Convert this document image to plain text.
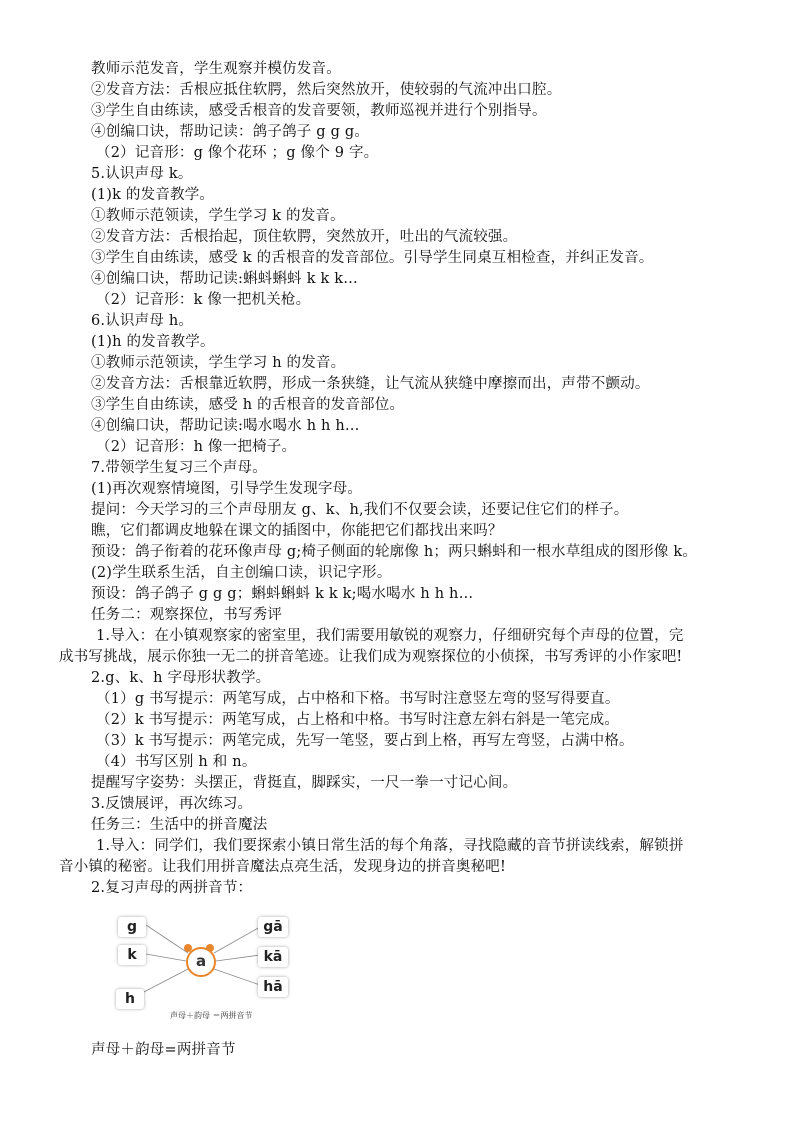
教师示范发音，学生观察并模仿发音。
②发音方法：舌根应抵住软腭，然后突然放开，使较弱的气流冲出口腔。
③学生自由练读，感受舌根音的发音要领，教师巡视并进行个别指导。
④创编口诀，帮助记读：鸽子鸽子 g g g。
（2）记音形：g 像个花环 ；g 像个 9 字。
5.认识声母 k。
(1)k 的发音教学。
①教师示范领读，学生学习 k 的发音。
②发音方法：舌根抬起，顶住软腭，突然放开，吐出的气流较强。
③学生自由练读，感受 k 的舌根音的发音部位。引导学生同桌互相检查，并纠正发音。
④创编口诀，帮助记读:蝌蚪蝌蚪 k k k…
（2）记音形：k 像一把机关枪。
6.认识声母 h。
(1)h 的发音教学。
①教师示范领读，学生学习 h 的发音。
②发音方法：舌根靠近软腭，形成一条狭缝，让气流从狭缝中摩擦而出，声带不颤动。
③学生自由练读，感受 h 的舌根音的发音部位。
④创编口诀，帮助记读:喝水喝水 h h h…
（2）记音形：h 像一把椅子。
7.带领学生复习三个声母。
(1)再次观察情境图，引导学生发现字母。
提问：今天学习的三个声母朋友 g、k、h,我们不仅要会读，还要记住它们的样子。
瞧，它们都调皮地躲在课文的插图中，你能把它们都找出来吗？
预设：鸽子衔着的花环像声母 g;椅子侧面的轮廓像 h；两只蝌蚪和一根水草组成的图形像 k。
(2)学生联系生活，自主创编口读，识记字形。
预设：鸽子鸽子 g g g；蝌蚪蝌蚪 k k k;喝水喝水 h h h…
任务二：观察探位，书写秀评
1.导入：在小镇观察家的密室里，我们需要用敏锐的观察力，仔细研究每个声母的位置，完
成书写挑战，展示你独一无二的拼音笔迹。让我们成为观察探位的小侦探，书写秀评的小作家吧!
2.g、k、h 字母形状教学。
（1）g 书写提示：两笔写成，占中格和下格。书写时注意竖左弯的竖写得要直。
（2）k 书写提示：两笔写成，占上格和中格。书写时注意左斜右斜是一笔完成。
（3）k 书写提示：两笔完成，先写一笔竖，要占到上格，再写左弯竖，占满中格。
（4）书写区别 h 和 n。
提醒写字姿势：头摆正，背挺直，脚踩实，一尺一拳一寸记心间。
3.反馈展评，再次练习。
任务三：生活中的拼音魔法
1.导入：同学们，我们要探索小镇日常生活的每个角落，寻找隐藏的音节拼读线索，解锁拼
音小镇的秘密。让我们用拼音魔法点亮生活，发现身边的拼音奥秘吧!
2.复习声母的两拼音节：
g
k
h
a
gā
kā
hā
声母＋韵母 ＝两拼音节
声母＋韵母=两拼音节
